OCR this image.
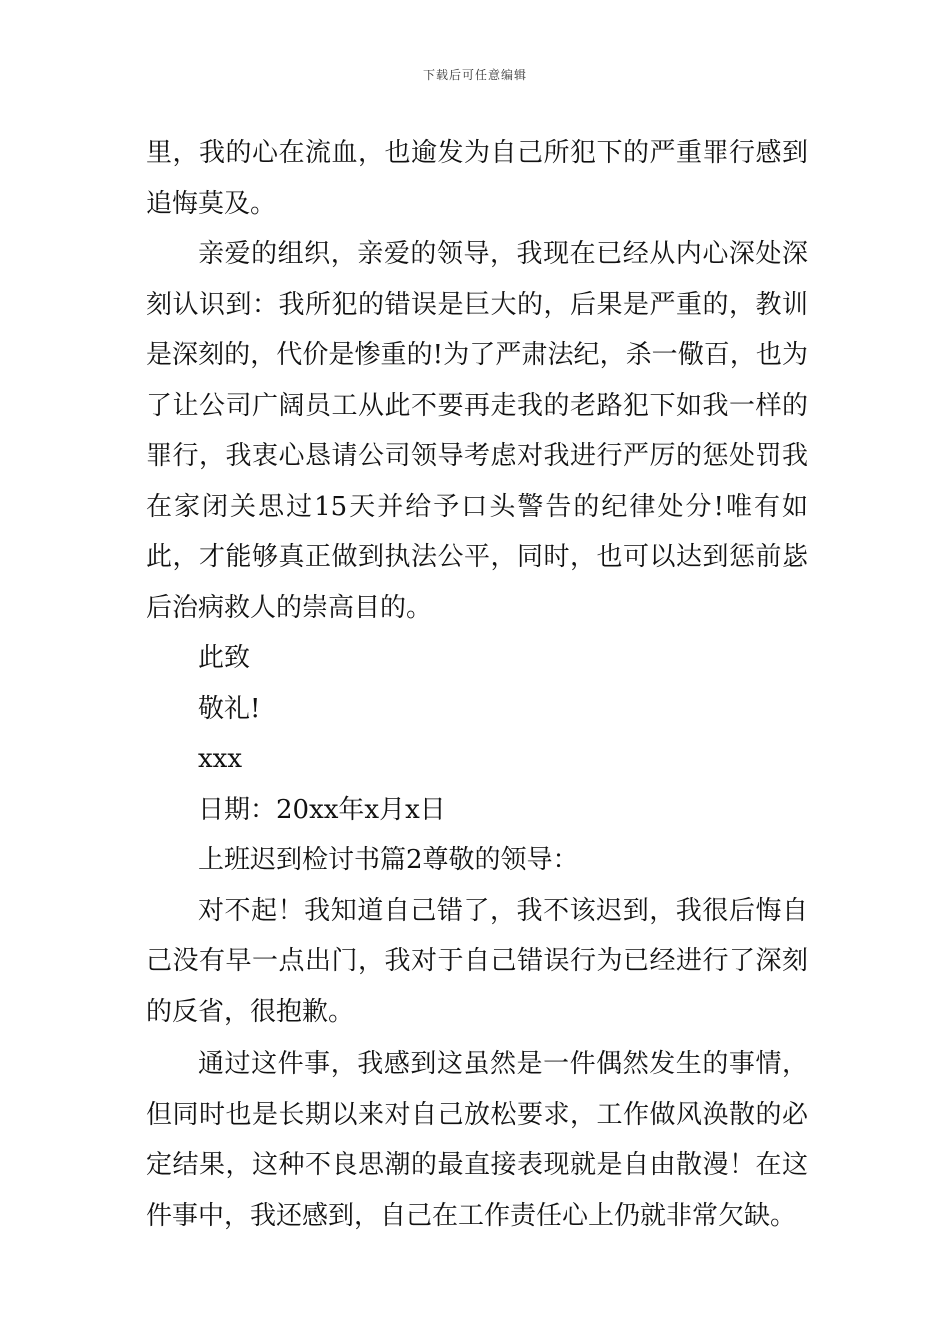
下载后可任意编辑

里，我的心在流血，也逾发为自己所犯下的严重罪行感到追悔莫及。

亲爱的组织，亲爱的领导，我现在已经从内心深处深刻认识到：我所犯的错误是巨大的，后果是严重的，教训是深刻的，代价是惨重的!为了严肃法纪，杀一儆百，也为了让公司广阔员工从此不要再走我的老路犯下如我一样的罪行，我衷心恳请公司领导考虑对我进行严厉的惩处罚我在家闭关思过15天并给予口头警告的纪律处分!唯有如此，才能够真正做到执法公平，同时，也可以达到惩前毖后治病救人的崇高目的。

此致

敬礼!

xxx

日期：20xx年x月x日

上班迟到检讨书篇2尊敬的领导：

对不起！我知道自己错了，我不该迟到，我很后悔自己没有早一点出门，我对于自己错误行为已经进行了深刻的反省，很抱歉。

通过这件事，我感到这虽然是一件偶然发生的事情，但同时也是长期以来对自己放松要求，工作做风涣散的必定结果，这种不良思潮的最直接表现就是自由散漫！在这件事中，我还感到，自己在工作责任心上仍就非常欠缺。
